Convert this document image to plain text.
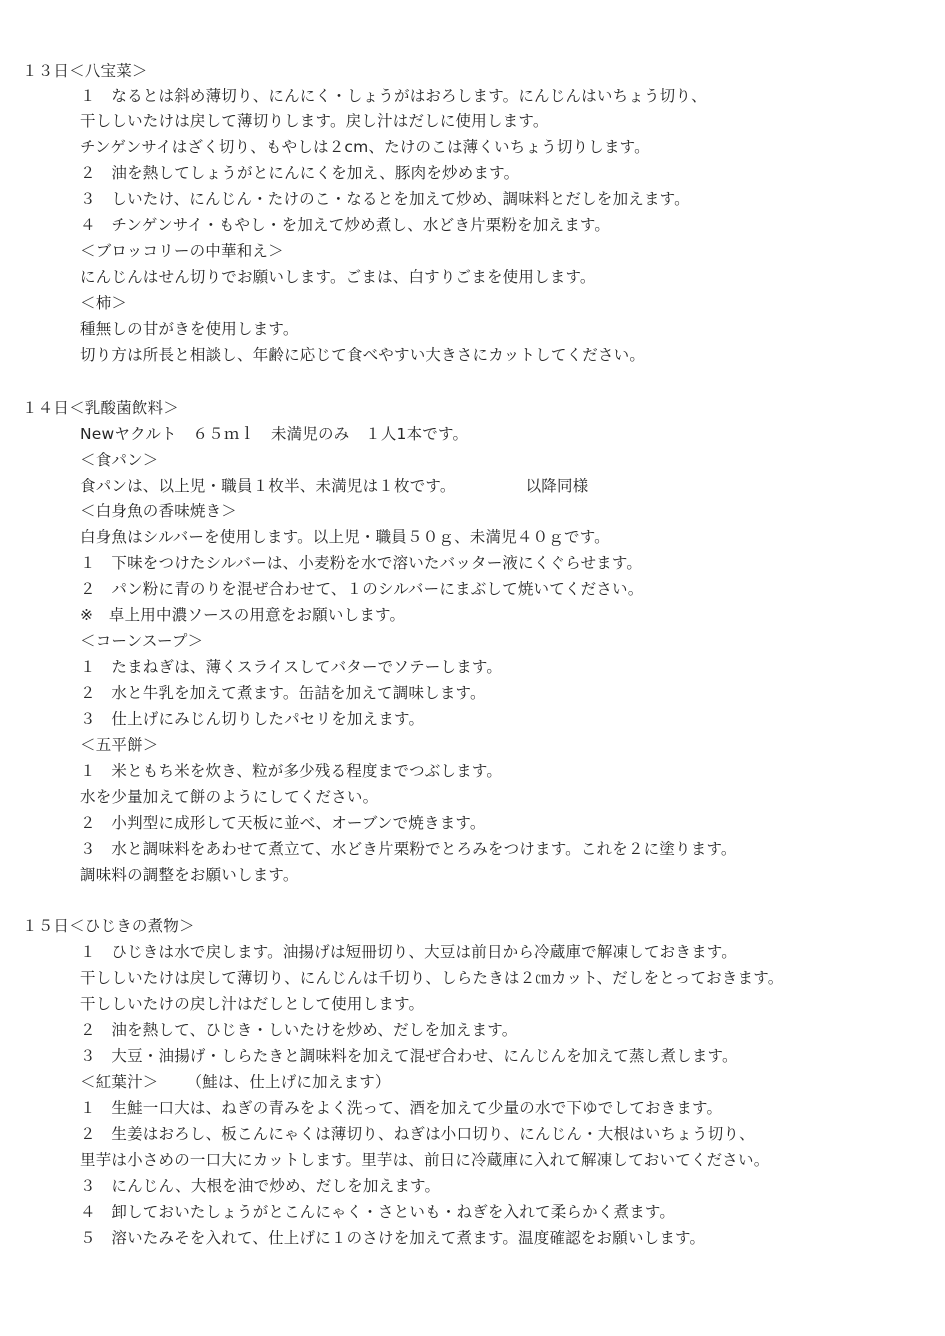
１３日＜八宝菜＞
１　なるとは斜め薄切り、にんにく・しょうがはおろします。にんじんはいちょう切り、
干ししいたけは戻して薄切りします。戻し汁はだしに使用します。
チンゲンサイはざく切り、もやしは２cm、たけのこは薄くいちょう切りします。
２　油を熱してしょうがとにんにくを加え、豚肉を炒めます。
３　しいたけ、にんじん・たけのこ・なるとを加えて炒め、調味料とだしを加えます。
４　チンゲンサイ・もやし・を加えて炒め煮し、水どき片栗粉を加えます。
＜ブロッコリーの中華和え＞
にんじんはせん切りでお願いします。ごまは、白すりごまを使用します。
＜柿＞
種無しの甘がきを使用します。
切り方は所長と相談し、年齢に応じて食べやすい大きさにカットしてください。
１４日＜乳酸菌飲料＞
Newヤクルト　６５ｍｌ　未満児のみ　１人1本です。
＜食パン＞
食パンは、以上児・職員１枚半、未満児は１枚です。	以降同様
＜白身魚の香味焼き＞
白身魚はシルバーを使用します。以上児・職員５０ｇ、未満児４０ｇです。
１　下味をつけたシルバーは、小麦粉を水で溶いたバッター液にくぐらせます。
２　パン粉に青のりを混ぜ合わせて、１のシルバーにまぶして焼いてください。
※　卓上用中濃ソースの用意をお願いします。
＜コーンスープ＞
１　たまねぎは、薄くスライスしてバターでソテーします。
２　水と牛乳を加えて煮ます。缶詰を加えて調味します。
３　仕上げにみじん切りしたパセリを加えます。
＜五平餅＞
１　米ともち米を炊き、粒が多少残る程度までつぶします。
水を少量加えて餅のようにしてください。
２　小判型に成形して天板に並べ、オーブンで焼きます。
３　水と調味料をあわせて煮立て、水どき片栗粉でとろみをつけます。これを２に塗ります。
調味料の調整をお願いします。
１５日＜ひじきの煮物＞
１　ひじきは水で戻します。油揚げは短冊切り、大豆は前日から冷蔵庫で解凍しておきます。
干ししいたけは戻して薄切り、にんじんは千切り、しらたきは２㎝カット、だしをとっておきます。
干ししいたけの戻し汁はだしとして使用します。
２　油を熱して、ひじき・しいたけを炒め、だしを加えます。
３　大豆・油揚げ・しらたきと調味料を加えて混ぜ合わせ、にんじんを加えて蒸し煮します。
＜紅葉汁＞ （鮭は、仕上げに加えます）
１　生鮭一口大は、ねぎの青みをよく洗って、酒を加えて少量の水で下ゆでしておきます。
２　生姜はおろし、板こんにゃくは薄切り、ねぎは小口切り、にんじん・大根はいちょう切り、
里芋は小さめの一口大にカットします。里芋は、前日に冷蔵庫に入れて解凍しておいてください。
３　にんじん、大根を油で炒め、だしを加えます。
４　卸しておいたしょうがとこんにゃく・さといも・ねぎを入れて柔らかく煮ます。
５　溶いたみそを入れて、仕上げに１のさけを加えて煮ます。温度確認をお願いします。
